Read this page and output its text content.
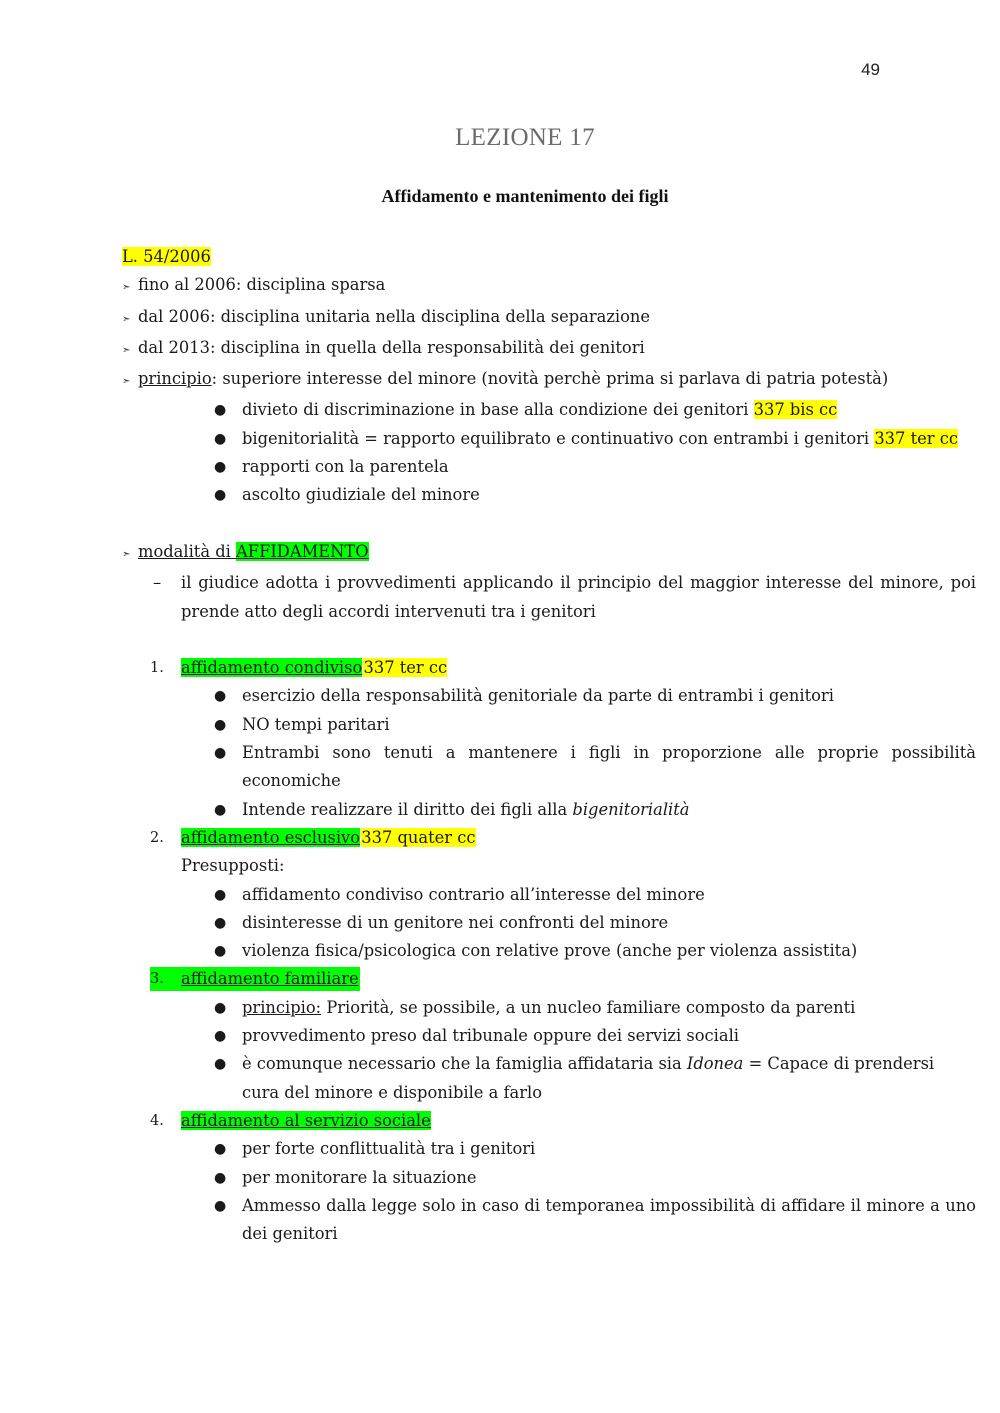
49
LEZIONE 17
Affidamento e mantenimento dei figli
L. 54/2006
➣ fino al 2006: disciplina sparsa
➣ dal 2006: disciplina unitaria nella disciplina della separazione
➣ dal 2013: disciplina in quella della responsabilità dei genitori
➣ principio: superiore interesse del minore (novità perchè prima si parlava di patria potestà)
● divieto di discriminazione in base alla condizione dei genitori 337 bis cc
● bigenitorialità = rapporto equilibrato e continuativo con entrambi i genitori 337 ter cc
● rapporti con la parentela
● ascolto giudiziale del minore
➣ modalità di AFFIDAMENTO
– il giudice adotta i provvedimenti applicando il principio del maggior interesse del minore, poi prende atto degli accordi intervenuti tra i genitori
1. affidamento condiviso 337 ter cc
● esercizio della responsabilità genitoriale da parte di entrambi i genitori
● NO tempi paritari
● Entrambi sono tenuti a mantenere i figli in proporzione alle proprie possibilità economiche
● Intende realizzare il diritto dei figli alla bigenitorialità
2. affidamento esclusivo 337 quater cc
Presupposti:
● affidamento condiviso contrario all’interesse del minore
● disinteresse di un genitore nei confronti del minore
● violenza fisica/psicologica con relative prove (anche per violenza assistita)
3. affidamento familiare
● principio: Priorità, se possibile, a un nucleo familiare composto da parenti
● provvedimento preso dal tribunale oppure dei servizi sociali
● è comunque necessario che la famiglia affidataria sia Idonea = Capace di prendersi cura del minore e disponibile a farlo
4. affidamento al servizio sociale
● per forte conflittualità tra i genitori
● per monitorare la situazione
● Ammesso dalla legge solo in caso di temporanea impossibilità di affidare il minore a uno dei genitori
